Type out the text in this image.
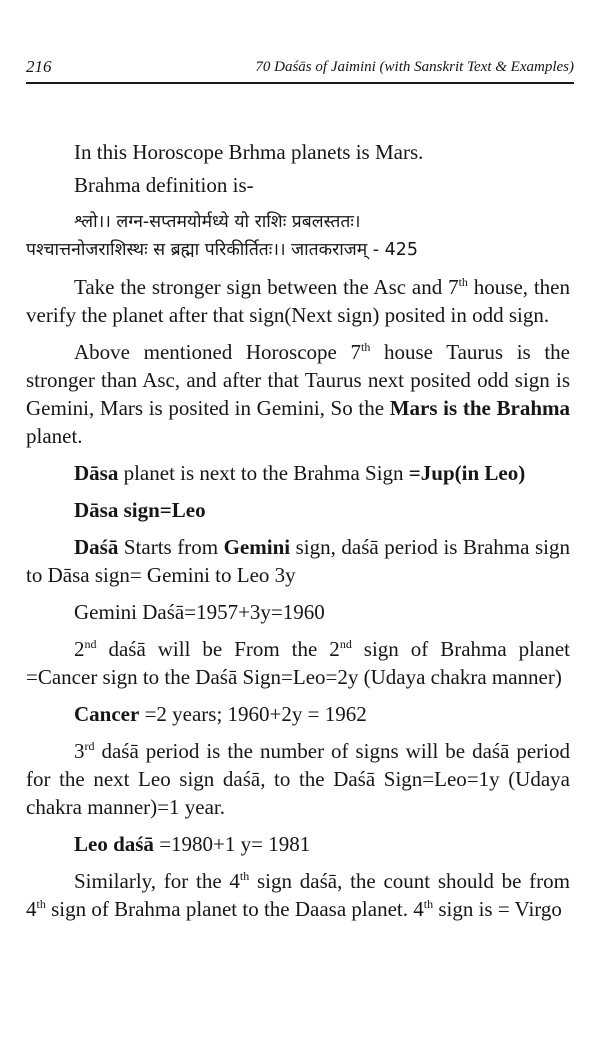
216	70 Daśās of Jaimini (with Sanskrit Text & Examples)

In this Horoscope Brhma planets is Mars.

Brahma definition is-

श्लो।। लग्न-सप्तमयोर्मध्ये यो राशिः प्रबलस्ततः।

पश्चात्तनोजराशिस्थः स ब्रह्मा परिकीर्तितः।। जातकराजम् - 425

Take the stronger sign between the Asc and 7th house, then verify the planet after that sign(Next sign) posited in odd sign.

Above mentioned Horoscope 7th house Taurus is the stronger than Asc, and after that Taurus next posited odd sign is Gemini, Mars is posited in Gemini, So the Mars is the Brahma planet.

Dāsa planet is next to the Brahma Sign =Jup(in Leo)

Dāsa sign=Leo

Daśā Starts from Gemini sign, daśā period is Brahma sign to Dāsa sign= Gemini to Leo 3y

Gemini Daśā=1957+3y=1960

2nd daśā will be From the 2nd sign of Brahma planet =Cancer sign to the Daśā Sign=Leo=2y (Udaya chakra manner)

Cancer =2 years; 1960+2y = 1962

3rd daśā period is the number of signs will be daśā period for the next Leo sign daśā, to the Daśā Sign=Leo=1y (Udaya chakra manner)=1 year.

Leo daśā =1980+1 y= 1981

Similarly, for the 4th sign daśā, the count should be from 4th sign of Brahma planet to the Daasa planet. 4th sign is = Virgo
